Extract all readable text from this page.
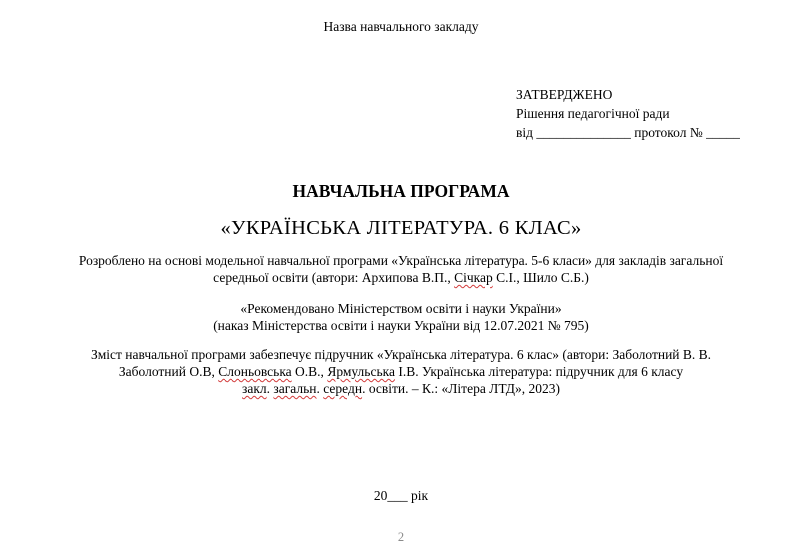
Назва навчального закладу
ЗАТВЕРДЖЕНО
Рішення педагогічної ради
від ______________ протокол № _____
НАВЧАЛЬНА ПРОГРАМА
«УКРАЇНСЬКА ЛІТЕРАТУРА. 6 КЛАС»
Розроблено на основі модельної навчальної програми «Українська література. 5-6 класи» для закладів загальної
середньої освіти (автори: Архипова В.П., Січкар С.І., Шило С.Б.)
«Рекомендовано Міністерством освіти і науки України»
(наказ Міністерства освіти і науки України від 12.07.2021 № 795)
Зміст навчальної програми забезпечує підручник «Українська література. 6 клас» (автори: Заболотний В. В.
Заболотний О.В, Слоньовська О.В., Ярмульська І.В. Українська література: підручник для 6 класу
закл. загальн. середн. освіти. – К.: «Літера ЛТД», 2023)
20___ рік
2
